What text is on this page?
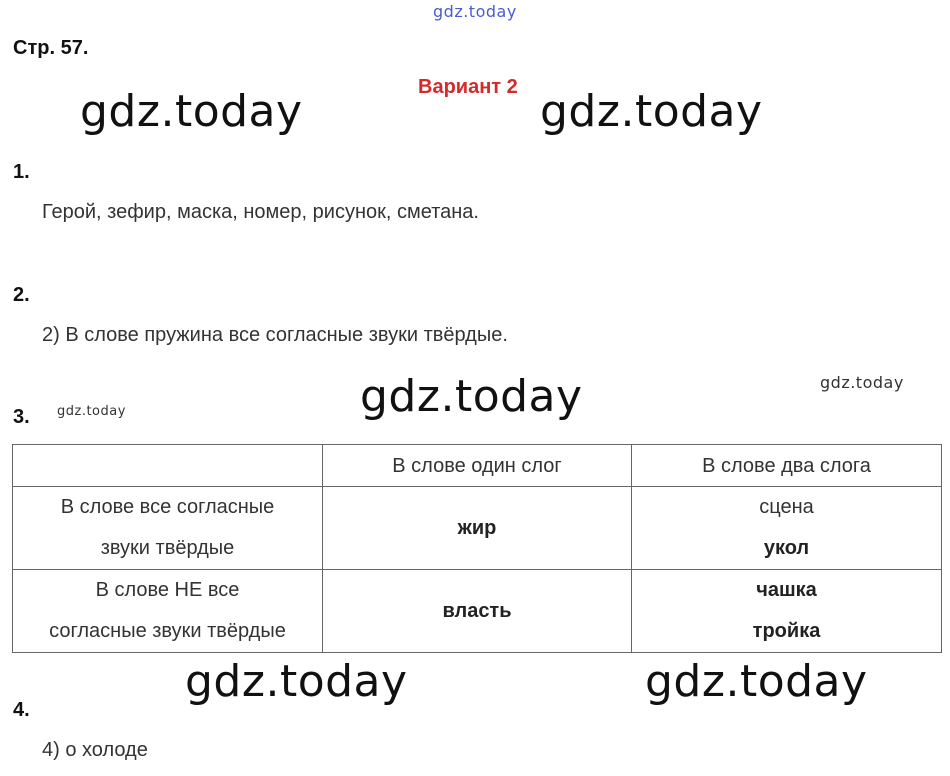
gdz.today
gdz.today	gdz.today
gdz.today	gdz.today
gdz.today
gdz.today	gdz.today
Стр. 57.
Вариант 2
1.
Герой, зефир, маска, номер, рисунок, сметана.
2.
2) В слове пружина все согласные звуки твёрдые.
3.
	В слове один слог	В слове два слога

В слове все согласные
звуки твёрдые	жир	сцена
укол

В слове НЕ все
согласные звуки твёрдые	власть	чашка
тройка
4.
4) о холоде
